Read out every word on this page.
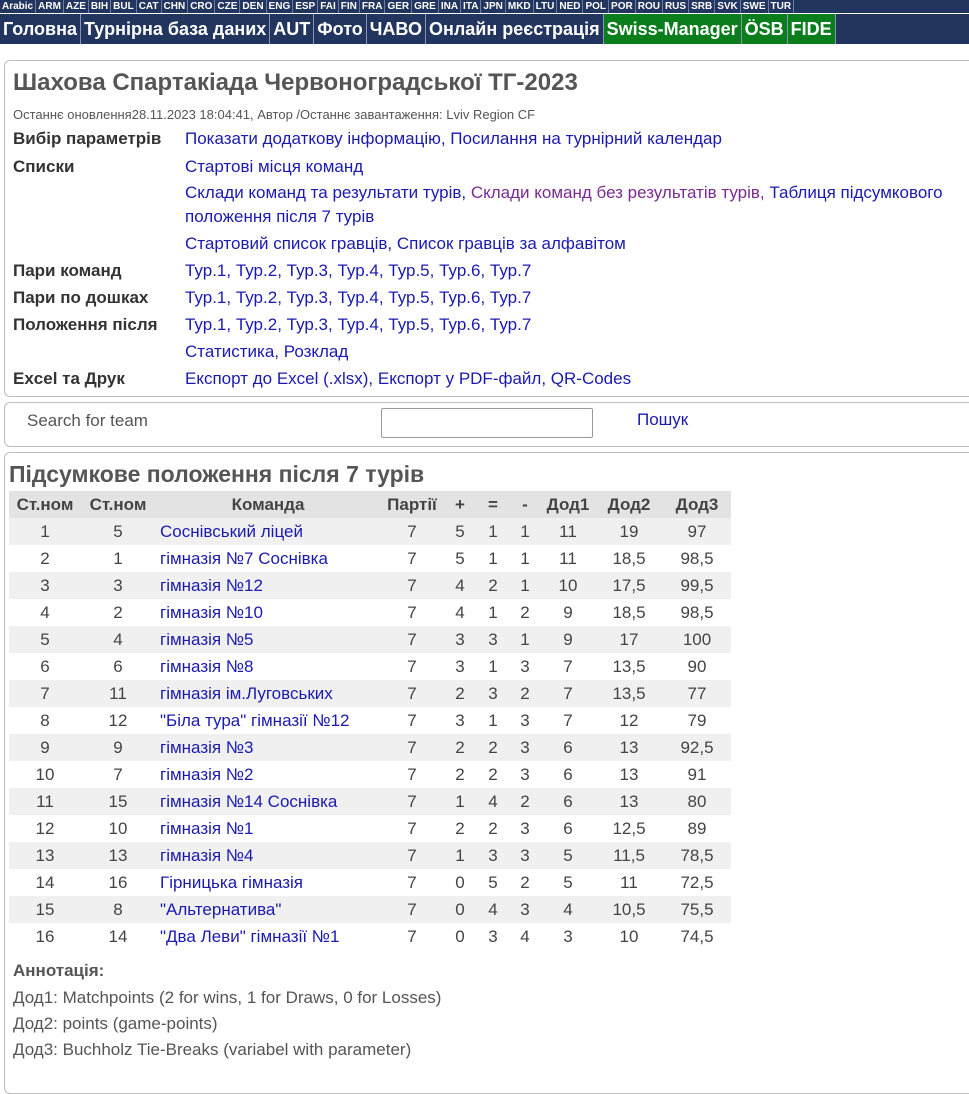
Arabic ARM AZE BIH BUL CAT CHN CRO CZE DEN ENG ESP FAI FIN FRA GER GRE INA ITA JPN MKD LTU NED POL POR ROU RUS SRB SVK SWE TUR
Головна Турнірна база даних AUT Фото ЧАВО Онлайн реєстрація Swiss-Manager ÖSB FIDE
Шахова Спартакіада Червоноградської ТГ-2023
Останнє оновлення28.11.2023 18:04:41, Автор /Останнє завантаження: Lviv Region CF
Вибір параметрів	Показати додаткову інформацію, Посилання на турнірний календар
Списки	Стартові місця команд
Склади команд та результати турів, Склади команд без результатів турів, Таблиця підсумкового
положення після 7 турів
Стартовий список гравців, Список гравців за алфавітом
Пари команд	Тур.1, Тур.2, Тур.3, Тур.4, Тур.5, Тур.6, Тур.7
Пари по дошках	Тур.1, Тур.2, Тур.3, Тур.4, Тур.5, Тур.6, Тур.7
Положення після	Тур.1, Тур.2, Тур.3, Тур.4, Тур.5, Тур.6, Тур.7
Статистика, Розклад
Excel та Друк	Експорт до Excel (.xlsx), Експорт у PDF-файл, QR-Codes
Search for team	Пошук
Підсумкове положення після 7 турів
Ст.ном	Ст.ном	Команда	Партії	+	=	-	Дод1	Дод2	Дод3
1	5	Соснівський ліцей	7	5	1	1	11	19	97
2	1	гімназія №7 Соснівка	7	5	1	1	11	18,5	98,5
3	3	гімназія №12	7	4	2	1	10	17,5	99,5
4	2	гімназія №10	7	4	1	2	9	18,5	98,5
5	4	гімназія №5	7	3	3	1	9	17	100
6	6	гімназія №8	7	3	1	3	7	13,5	90
7	11	гімназія ім.Луговських	7	2	3	2	7	13,5	77
8	12	"Біла тура" гімназії №12	7	3	1	3	7	12	79
9	9	гімназія №3	7	2	2	3	6	13	92,5
10	7	гімназія №2	7	2	2	3	6	13	91
11	15	гімназія №14 Соснівка	7	1	4	2	6	13	80
12	10	гімназія №1	7	2	2	3	6	12,5	89
13	13	гімназія №4	7	1	3	3	5	11,5	78,5
14	16	Гірницька гімназія	7	0	5	2	5	11	72,5
15	8	"Альтернатива"	7	0	4	3	4	10,5	75,5
16	14	"Два Леви" гімназії №1	7	0	3	4	3	10	74,5
Аннотація:
Дод1: Matchpoints (2 for wins, 1 for Draws, 0 for Losses)
Дод2: points (game-points)
Дод3: Buchholz Tie-Breaks (variabel with parameter)
